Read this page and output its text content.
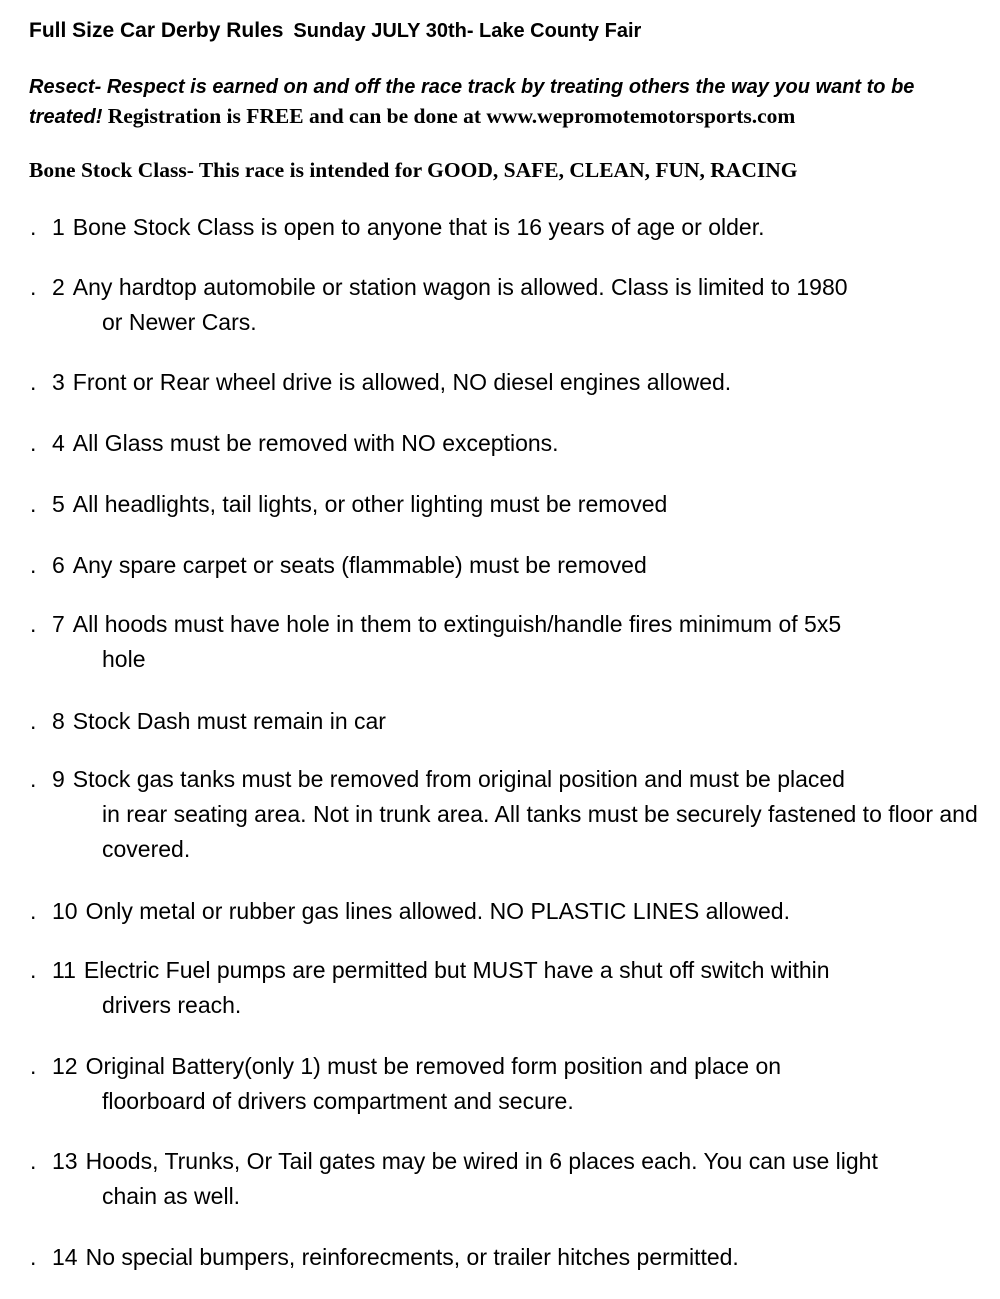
Full Size Car Derby Rules Sunday JULY 30th- Lake County Fair
Resect- Respect is earned on and off the race track by treating others the way you want to be treated! Registration is FREE and can be done at www.wepromotemotorsports.com
Bone Stock Class- This race is intended for GOOD, SAFE, CLEAN, FUN, RACING
. 1 Bone Stock Class is open to anyone that is 16 years of age or older.
. 2 Any hardtop automobile or station wagon is allowed. Class is limited to 1980
or Newer Cars.
. 3 Front or Rear wheel drive is allowed, NO diesel engines allowed.
. 4 All Glass must be removed with NO exceptions.
. 5 All headlights, tail lights, or other lighting must be removed
. 6 Any spare carpet or seats (flammable) must be removed
. 7 All hoods must have hole in them to extinguish/handle fires minimum of 5x5
hole
. 8 Stock Dash must remain in car
. 9 Stock gas tanks must be removed from original position and must be placed
in rear seating area. Not in trunk area. All tanks must be securely fastened to floor and covered.
. 10 Only metal or rubber gas lines allowed. NO PLASTIC LINES allowed.
. 11 Electric Fuel pumps are permitted but MUST have a shut off switch within
drivers reach.
. 12 Original Battery(only 1) must be removed form position and place on
floorboard of drivers compartment and secure.
. 13 Hoods, Trunks, Or Tail gates may be wired in 6 places each. You can use light
chain as well.
. 14 No special bumpers, reinforecments, or trailer hitches permitted.
